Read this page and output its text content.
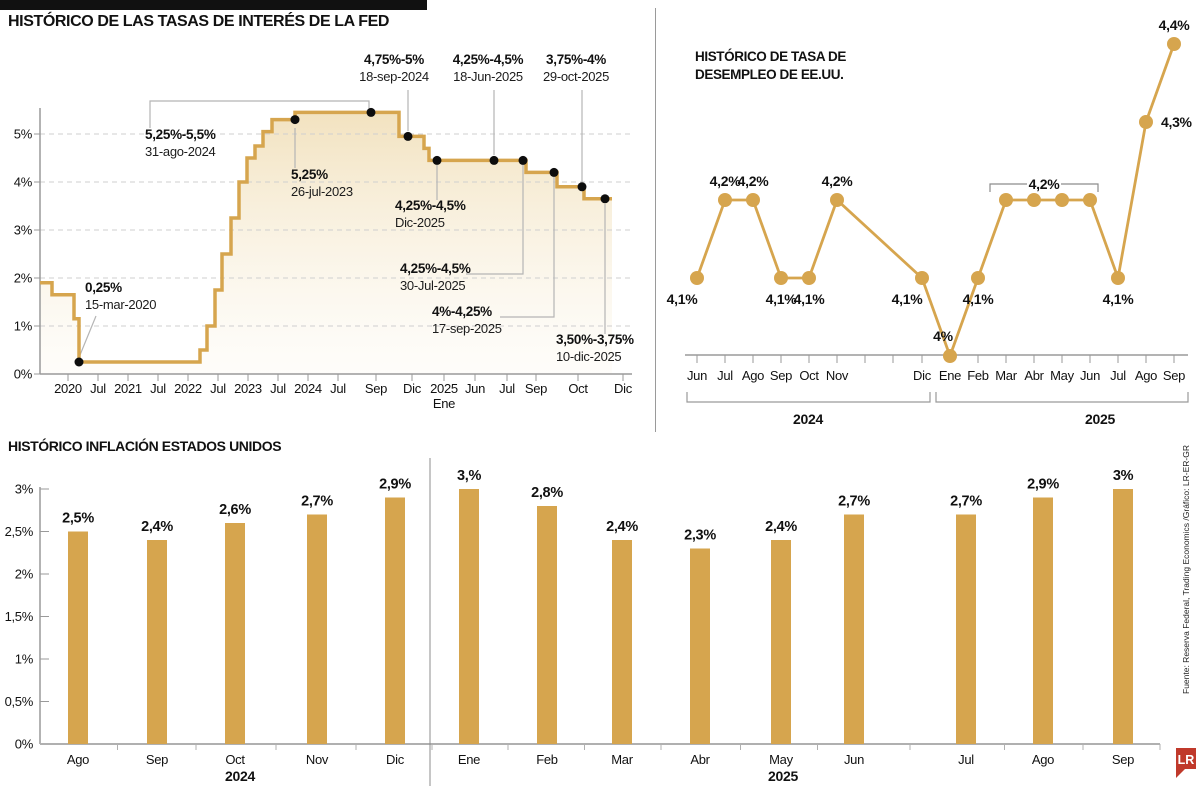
HISTÓRICO DE LAS TASAS DE INTERÉS DE LA FED
0%
1%
2%
3%
4%
5%
2020 Jul 2021 Jul 2022 Jul 2023 Jul 2024 Jul Sep Dic 2025
Ene
Jun Jul Sep Oct Dic
0,25%
15-mar-2020
5,25%-5,5%
31-ago-2024
4,75%-5%
18-sep-2024
4,25%-4,5%
18-Jun-2025
3,75%-4%
29-oct-2025
5,25%
26-jul-2023
4,25%-4,5%
Dic-2025
4,25%-4,5%
30-Jul-2025
4%-4,25%
17-sep-2025
3,50%-3,75%
10-dic-2025
HISTÓRICO DE TASA DE
DESEMPLEO DE EE.UU.
Jun Jul Ago Sep Oct Nov	Dic Ene Feb Mar Abr May Jun Jul Ago Sep
2024	2025
4,1%
4,2%
4,2%
4,1%
4,1%
4,2%
4,1%
4%
4,1%	4,1%
4,3%
4,4%
4,2%
HISTÓRICO INFLACIÓN ESTADOS UNIDOS
0%
0,5%
1%
1,5%
2%
2,5%
3%
2,5%
Ago
2,4%
Sep
2,6%
Oct
2,7%
Nov
2,9%
Dic
3,%
Ene
2,8%
Feb
2,4%
Mar
2,3%
Abr
2,4%
May
2,7%
Jun
2,7%
Jul
2,9%
Ago
3%
Sep
2024	2025
Fuente: Reserva Federal, Trading Economics /Gráfico: LR-ER-GR
LR
